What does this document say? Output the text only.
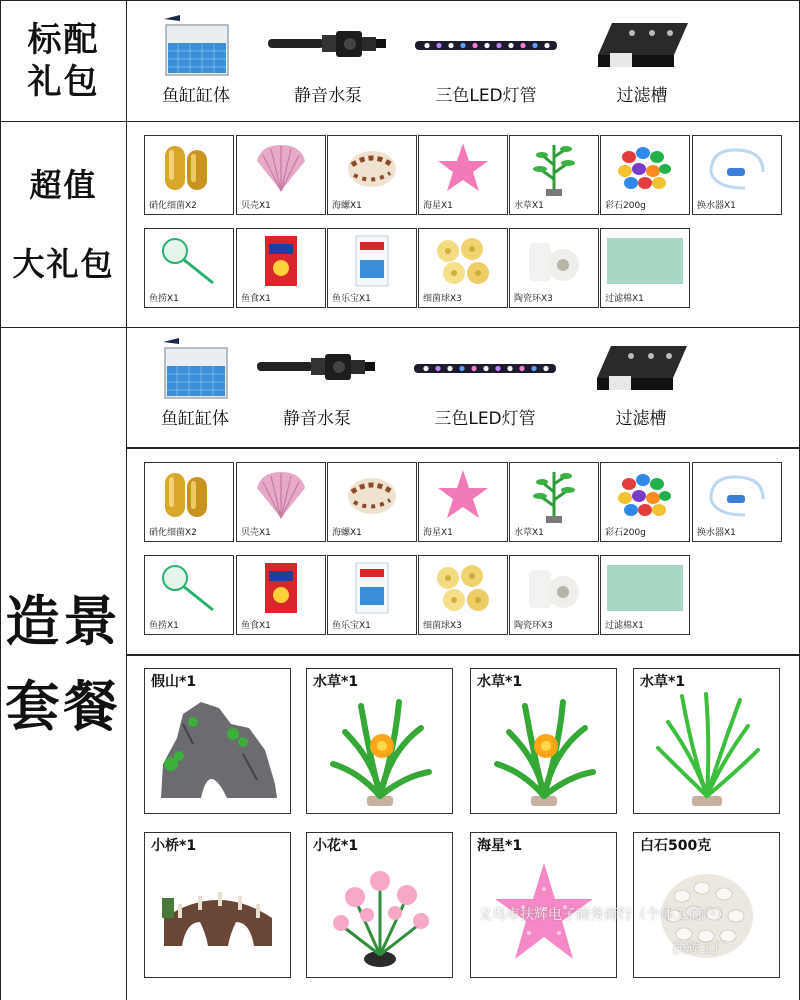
标配
礼包	鱼缸缸体	静音水泵	三色LED灯管	过滤槽
超值
大礼包
造景
套餐
鱼缸缸体	静音水泵	三色LED灯管	过滤槽
硝化细菌X2	贝壳X1	海螺X1	海星X1	水草X1	彩石200g	换水器X1
鱼捞X1	鱼食X1	鱼乐宝X1	细菌球X3	陶瓷环X3	过滤棉X1
硝化细菌X2	贝壳X1	海螺X1	海星X1	水草X1	彩石200g	换水器X1
鱼捞X1	鱼食X1	鱼乐宝X1	细菌球X3	陶瓷环X3	过滤棉X1
假山*1	水草*1	水草*1	水草*1
小桥*1	小花*1	海星*1	白石500克
义乌市扶辉电子商务商行（个体工商户）
扶辉工厂
